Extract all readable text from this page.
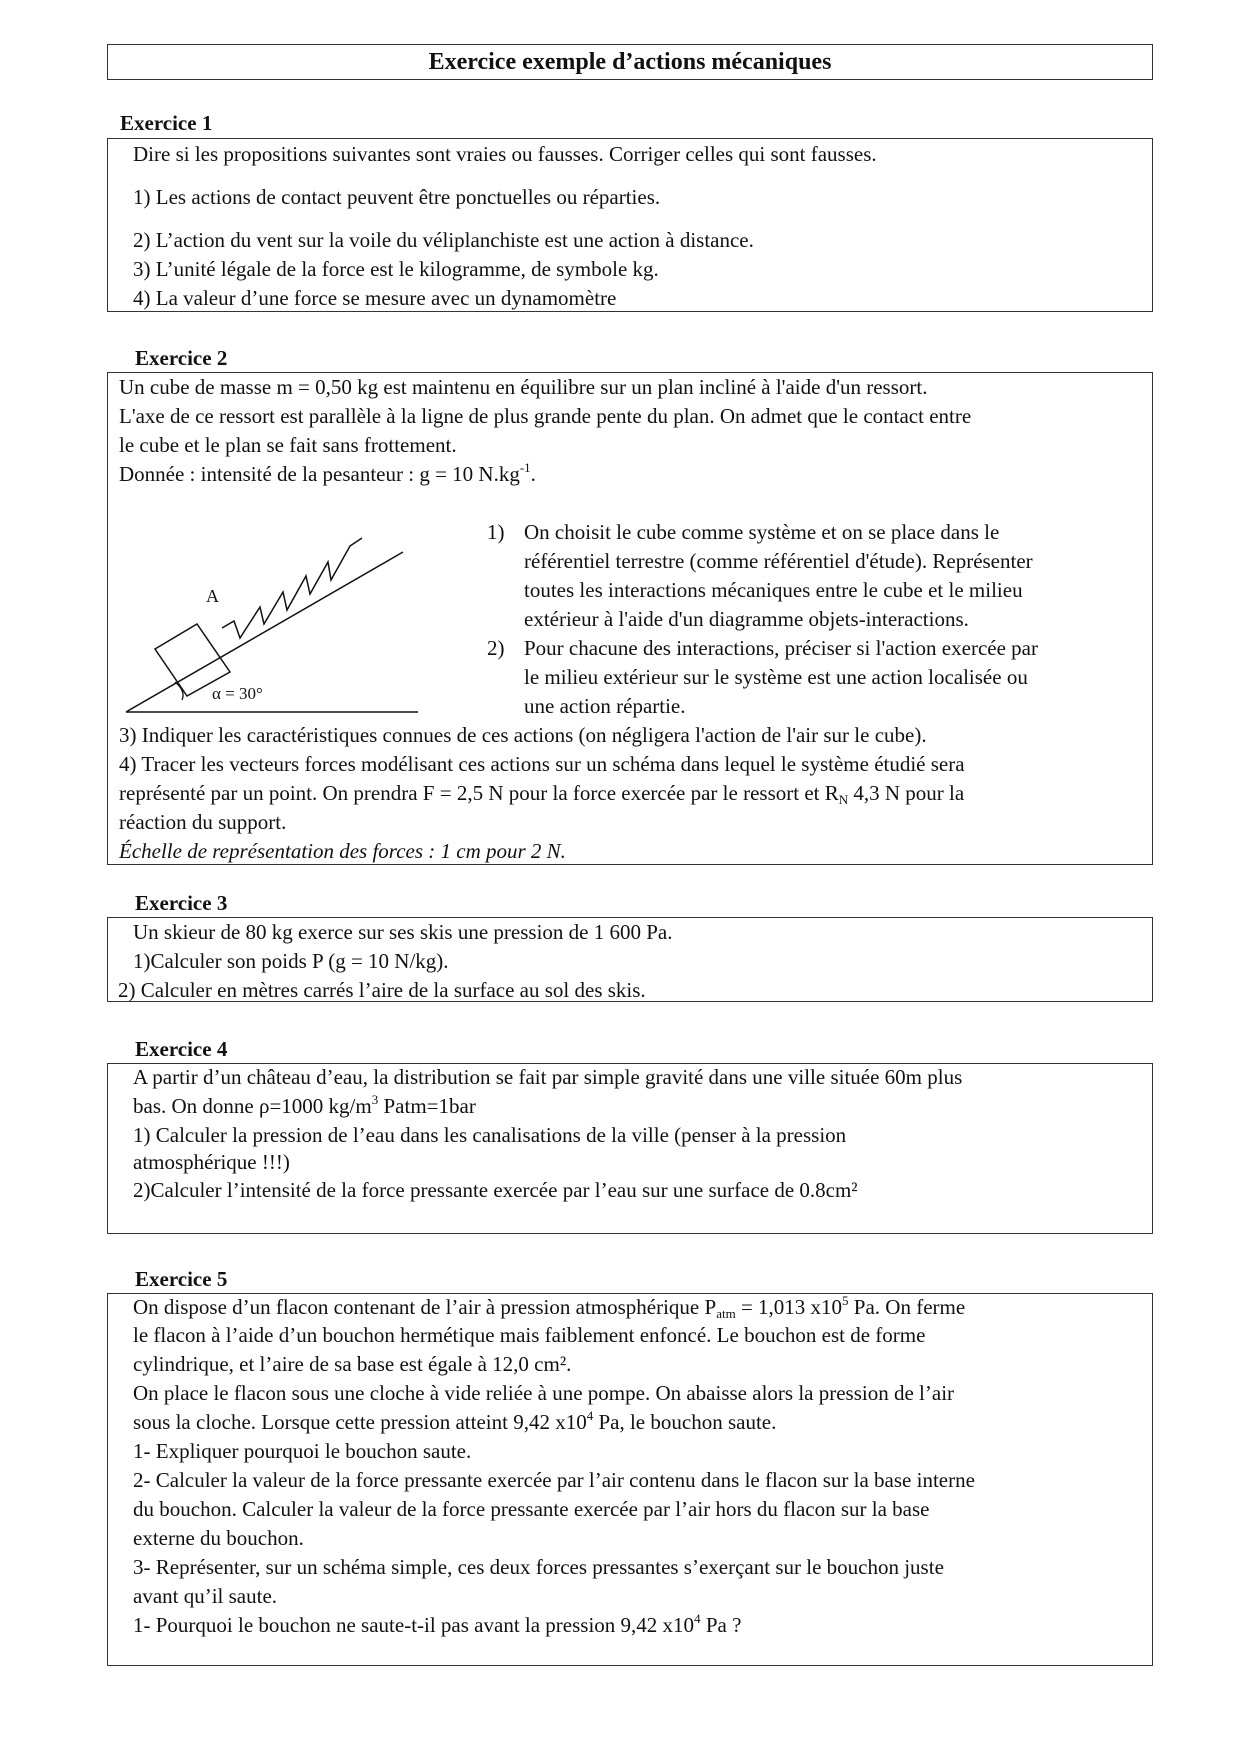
Exercice exemple d’actions mécaniques

Exercice 1

Dire si les propositions suivantes sont vraies ou fausses. Corriger celles qui sont fausses.
1) Les actions de contact peuvent être ponctuelles ou réparties.
2) L’action du vent sur la voile du véliplanchiste est une action à distance.
3) L’unité légale de la force est le kilogramme, de symbole kg.
4) La valeur d’une force se mesure avec un dynamomètre

Exercice 2

Un cube de masse m = 0,50 kg est maintenu en équilibre sur un plan incliné à l'aide d'un ressort.
L'axe de ce ressort est parallèle à la ligne de plus grande pente du plan. On admet que le contact entre
le cube et le plan se fait sans frottement.
Donnée : intensité de la pesanteur : g = 10 $N.kg^{-1}$.
A
α = 30°
1) On choisit le cube comme système et on se place dans le
référentiel terrestre (comme référentiel d'étude). Représenter
toutes les interactions mécaniques entre le cube et le milieu
extérieur à l'aide d'un diagramme objets-interactions.
2) Pour chacune des interactions, préciser si l'action exercée par
le milieu extérieur sur le système est une action localisée ou
une action répartie.
3) Indiquer les caractéristiques connues de ces actions (on négligera l'action de l'air sur le cube).
4) Tracer les vecteurs forces modélisant ces actions sur un schéma dans lequel le système étudié sera
représenté par un point. On prendra F = 2,5 N pour la force exercée par le ressort et $R_N$ 4,3 N pour la
réaction du support.
Échelle de représentation des forces : 1 cm pour 2 N.

Exercice 3

Un skieur de 80 kg exerce sur ses skis une pression de 1 600 Pa.
1)Calculer son poids P (g = 10 N/kg).
2) Calculer en mètres carrés l’aire de la surface au sol des skis.

Exercice 4

A partir d’un château d’eau, la distribution se fait par simple gravité dans une ville située 60m plus
bas. On donne ρ=1000 $kg/m^3$ Patm=1bar
1) Calculer la pression de l’eau dans les canalisations de la ville (penser à la pression
atmosphérique !!!)
2)Calculer l’intensité de la force pressante exercée par l’eau sur une surface de 0.8cm²

Exercice 5

On dispose d’un flacon contenant de l’air à pression atmosphérique $P_{atm} = 1,013$ $x10^5$ Pa. On ferme
le flacon à l’aide d’un bouchon hermétique mais faiblement enfoncé. Le bouchon est de forme
cylindrique, et l’aire de sa base est égale à 12,0 cm².
On place le flacon sous une cloche à vide reliée à une pompe. On abaisse alors la pression de l’air
sous la cloche. Lorsque cette pression atteint 9,42 $x10^4$ Pa, le bouchon saute.
1- Expliquer pourquoi le bouchon saute.
2- Calculer la valeur de la force pressante exercée par l’air contenu dans le flacon sur la base interne
du bouchon. Calculer la valeur de la force pressante exercée par l’air hors du flacon sur la base
externe du bouchon.
3- Représenter, sur un schéma simple, ces deux forces pressantes s’exerçant sur le bouchon juste
avant qu’il saute.
1- Pourquoi le bouchon ne saute-t-il pas avant la pression 9,42 $x10^4$ Pa ?
